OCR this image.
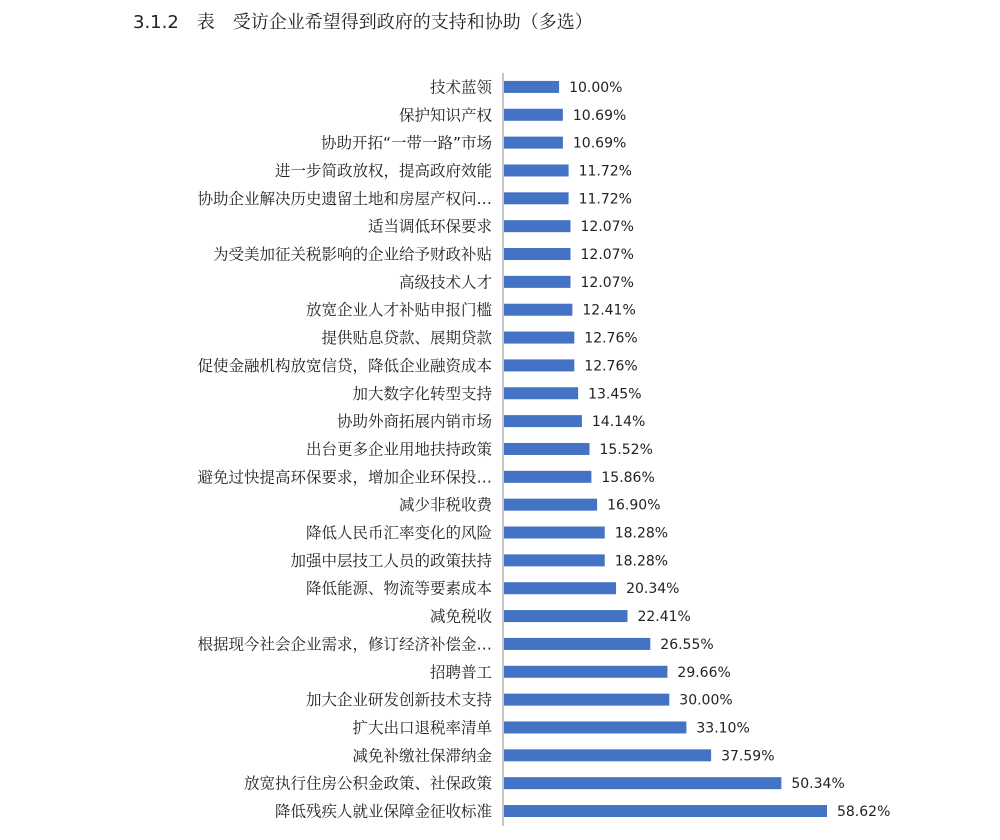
3.1.2　表　受访企业希望得到政府的支持和协助（多选）
技术蓝领	10.00%
保护知识产权	10.69%
协助开拓“一带一路”市场	10.69%
进一步简政放权，提高政府效能	11.72%
协助企业解决历史遗留土地和房屋产权问…	11.72%
适当调低环保要求	12.07%
为受美加征关税影响的企业给予财政补贴	12.07%
高级技术人才	12.07%
放宽企业人才补贴申报门槛	12.41%
提供贴息贷款、展期贷款	12.76%
促使金融机构放宽信贷，降低企业融资成本	12.76%
加大数字化转型支持	13.45%
协助外商拓展内销市场	14.14%
出台更多企业用地扶持政策	15.52%
避免过快提高环保要求，增加企业环保投…	15.86%
减少非税收费	16.90%
降低人民币汇率变化的风险	18.28%
加强中层技工人员的政策扶持	18.28%
降低能源、物流等要素成本	20.34%
减免税收	22.41%
根据现今社会企业需求，修订经济补偿金…	26.55%
招聘普工	29.66%
加大企业研发创新技术支持	30.00%
扩大出口退税率清单	33.10%
减免补缴社保滞纳金	37.59%
放宽执行住房公积金政策、社保政策	50.34%
降低残疾人就业保障金征收标准	58.62%
